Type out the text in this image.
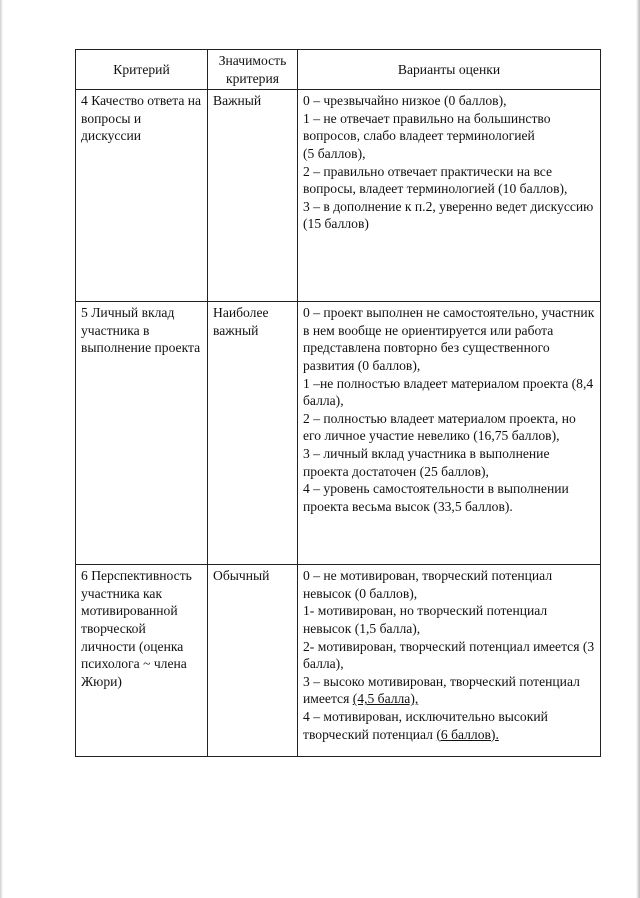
Критерий	Значимость критерия	Варианты оценки
4 Качество ответа на вопросы и дискуссии	Важный	0 – чрезвычайно низкое (0 баллов),
1 – не отвечает правильно на большинство вопросов, слабо владеет терминологией
(5 баллов),
2 – правильно отвечает практически на все вопросы, владеет терминологией (10 баллов),
3 – в дополнение к п.2, уверенно ведет дискуссию (15 баллов)

5 Личный вклад участника в выполнение проекта	Наиболее важный	0 – проект выполнен не самостоятельно, участник в нем вообще не ориентируется или работа представлена повторно без существенного развития (0 баллов),
1 –не полностью владеет материалом проекта (8,4 балла),
2 – полностью владеет материалом проекта, но его личное участие невелико (16,75 баллов),
3 – личный вклад участника в выполнение проекта достаточен (25 баллов),
4 – уровень самостоятельности в выполнении проекта весьма высок (33,5 баллов).

6 Перспективность участника как мотивированной творческой личности (оценка психолога ~ члена Жюри)	Обычный	0 – не мотивирован, творческий потенциал невысок (0 баллов),
1- мотивирован, но творческий потенциал невысок (1,5 балла),
2- мотивирован, творческий потенциал имеется (3 балла),
3 – высоко мотивирован, творческий потенциал имеется (4,5 балла),
4 – мотивирован, исключительно высокий творческий потенциал (6 баллов).
